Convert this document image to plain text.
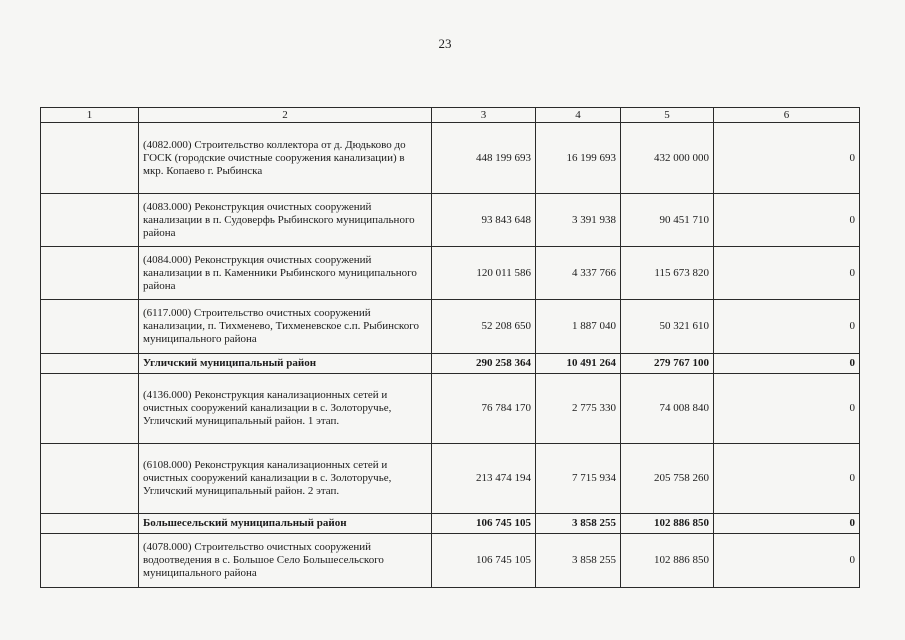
23
1	2	3	4	5	6
	(4082.000) Строительство коллектора от д. Дюдьково до ГОСК (городские очистные сооружения канализации) в мкр. Копаево г. Рыбинска	448 199 693	16 199 693	432 000 000	0
	(4083.000) Реконструкция очистных сооружений канализации в п. Судоверфь Рыбинского муниципального района	93 843 648	3 391 938	90 451 710	0
	(4084.000) Реконструкция очистных сооружений канализации в п. Каменники Рыбинского муниципального района	120 011 586	4 337 766	115 673 820	0
	(6117.000) Строительство очистных сооружений канализации, п. Тихменево, Тихменевское с.п. Рыбинского муниципального района	52 208 650	1 887 040	50 321 610	0
	Угличский муниципальный район	290 258 364	10 491 264	279 767 100	0
	(4136.000) Реконструкция канализационных сетей и очистных сооружений канализации в с. Золоторучье, Угличский муниципальный район. 1 этап.	76 784 170	2 775 330	74 008 840	0
	(6108.000) Реконструкция канализационных сетей и очистных сооружений канализации в с. Золоторучье, Угличский муниципальный район. 2 этап.	213 474 194	7 715 934	205 758 260	0
	Большесельский муниципальный район	106 745 105	3 858 255	102 886 850	0
	(4078.000) Строительство очистных сооружений водоотведения в с. Большое Село Большесельского муниципального района	106 745 105	3 858 255	102 886 850	0
